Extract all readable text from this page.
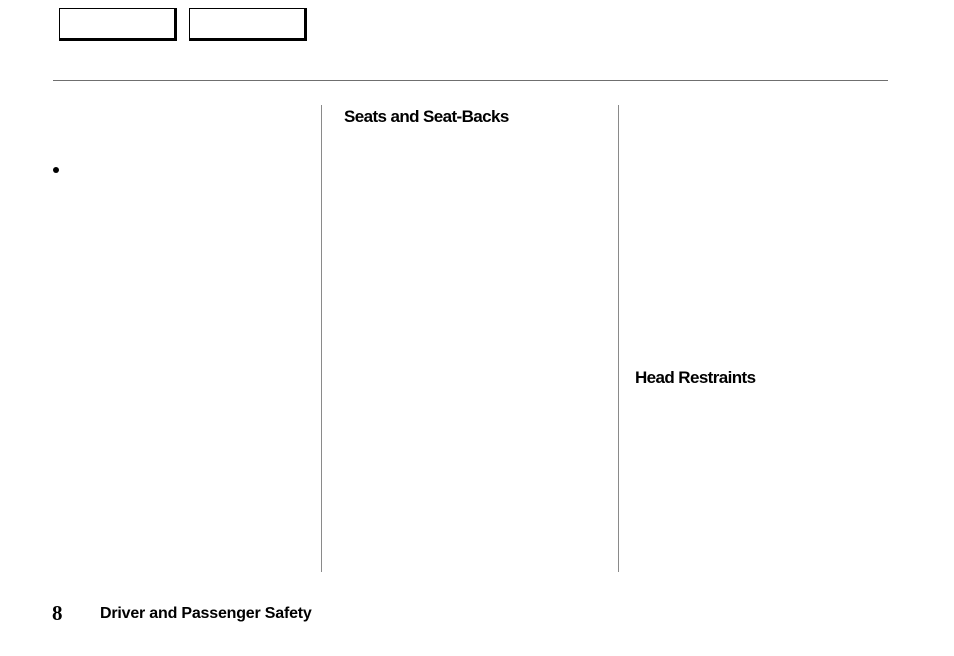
Seats and Seat-Backs
Head Restraints
8 Driver and Passenger Safety
